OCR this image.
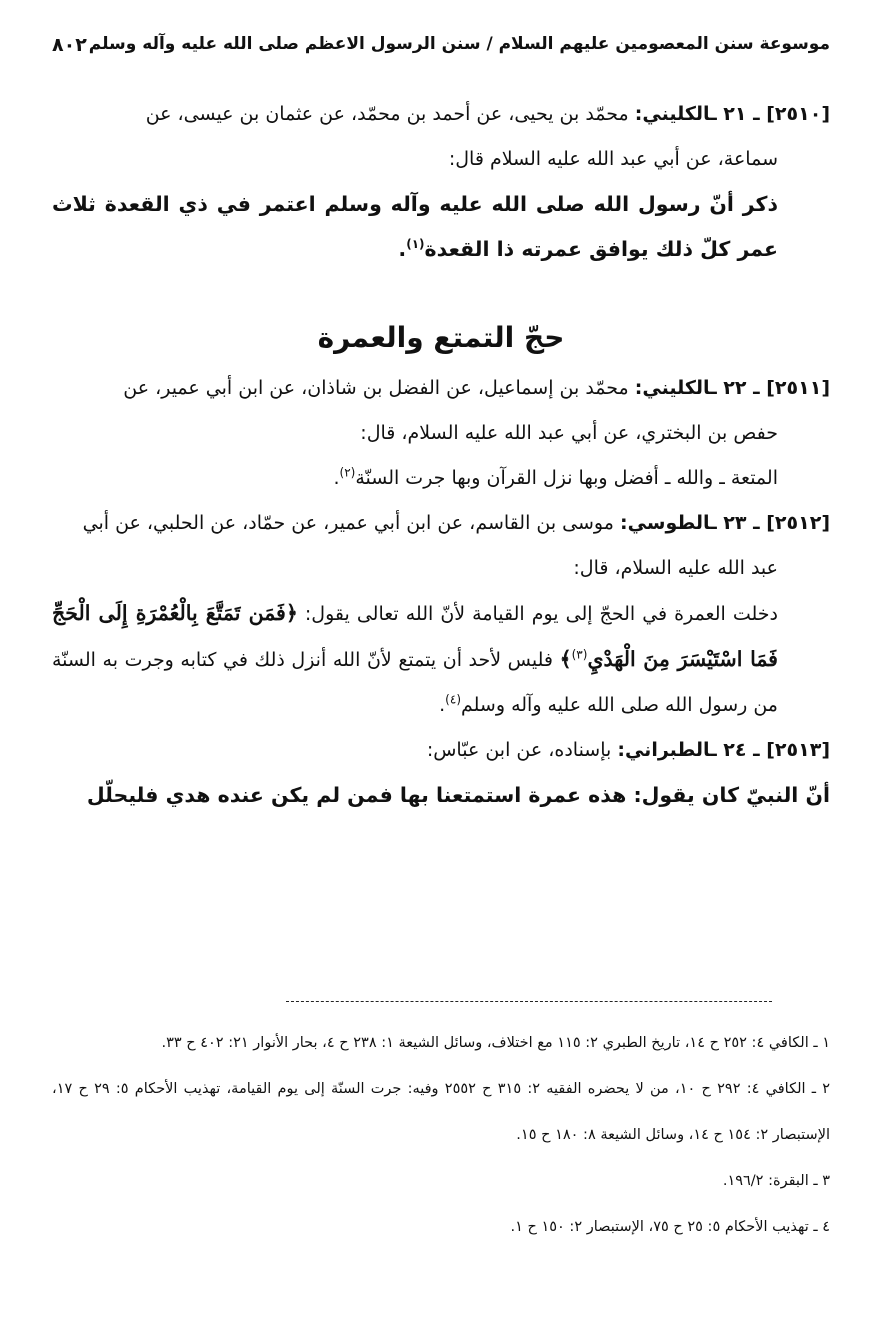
موسوعة سنن المعصومين عليهم السلام / سنن الرسول الاعظم صلى الله عليه وآله وسلم
٨٠٢

[٢٥١٠] ـ ٢١ ـالكليني: محمّد بن يحيى، عن أحمد بن محمّد، عن عثمان بن عيسى، عن

سماعة، عن أبي عبد الله عليه السلام قال:

ذكر أنّ رسول الله صلى الله عليه وآله وسلم اعتمر في ذي القعدة ثلاث عمر كلّ ذلك يوافق عمرته ذا القعدة$^{(١)}$.

حجّ التمتع والعمرة

[٢٥١١] ـ ٢٢ ـالكليني: محمّد بن إسماعيل، عن الفضل بن شاذان، عن ابن أبي عمير، عن

حفص بن البختري، عن أبي عبد الله عليه السلام، قال:

المتعة ـ والله ـ أفضل وبها نزل القرآن وبها جرت السنّة$^{(٢)}$.

[٢٥١٢] ـ ٢٣ ـالطوسي: موسى بن القاسم، عن ابن أبي عمير، عن حمّاد، عن الحلبي، عن أبي

عبد الله عليه السلام، قال:

دخلت العمرة في الحجّ إلى يوم القيامة لأنّ الله تعالى يقول: ﴿فَمَن تَمَتَّعَ بِالْعُمْرَةِ إِلَى الْحَجِّ فَمَا اسْتَيْسَرَ مِنَ الْهَدْيِ$^{(٣)}$﴾ فليس لأحد أن يتمتع لأنّ الله أنزل ذلك في كتابه وجرت به السنّة من رسول الله صلى الله عليه وآله وسلم$^{(٤)}$.

[٢٥١٣] ـ ٢٤ ـالطبراني: بإسناده، عن ابن عبّاس:

أنّ النبيّ كان يقول: هذه عمرة استمتعنا بها فمن لم يكن عنده هدي فليحلّل

١ ـ الكافي ٤: ٢٥٢ ح ١٤، تاريخ الطبري ٢: ١١٥ مع اختلاف، وسائل الشيعة ١: ٢٣٨ ح ٤، بحار الأنوار ٢١: ٤٠٢ ح ٣٣.

٢ ـ الكافي ٤: ٢٩٢ ح ١٠، من لا يحضره الفقيه ٢: ٣١٥ ح ٢٥٥٢ وفيه: جرت السنّة إلى يوم القيامة، تهذيب الأحكام ٥: ٢٩ ح ١٧، الإستبصار ٢: ١٥٤ ح ١٤، وسائل الشيعة ٨: ١٨٠ ح ١٥.

٣ ـ البقرة: ١٩٦/٢.

٤ ـ تهذيب الأحكام ٥: ٢٥ ح ٧٥، الإستبصار ٢: ١٥٠ ح ١.
